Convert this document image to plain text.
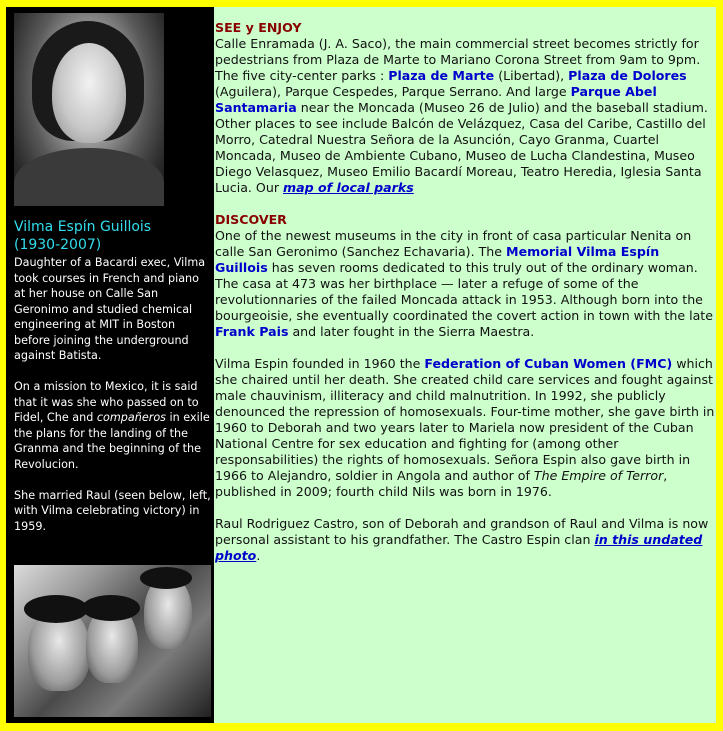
Vilma Espín Guillois
(1930-2007)

Daughter of a Bacardi exec, Vilma took courses in French and piano at her house on Calle San Geronimo and studied chemical engineering at MIT in Boston before joining the underground against Batista.

On a mission to Mexico, it is said that it was she who passed on to Fidel, Che and compañeros in exile the plans for the landing of the Granma and the beginning of the Revolucion.

She married Raul (seen below, left, with Vilma celebrating victory) in 1959.

SEE y ENJOY
Calle Enramada (J. A. Saco), the main commercial street becomes strictly for pedestrians from Plaza de Marte to Mariano Corona Street from 9am to 9pm. The five city-center parks : Plaza de Marte (Libertad), Plaza de Dolores (Aguilera), Parque Cespedes, Parque Serrano. And large Parque Abel Santamaria near the Moncada (Museo 26 de Julio) and the baseball stadium. Other places to see include Balcón de Velázquez, Casa del Caribe, Castillo del Morro, Catedral Nuestra Señora de la Asunción, Cayo Granma, Cuartel Moncada, Museo de Ambiente Cubano, Museo de Lucha Clandestina, Museo Diego Velasquez, Museo Emilio Bacardí Moreau, Teatro Heredia, Iglesia Santa Lucia. Our map of local parks

DISCOVER
One of the newest museums in the city in front of casa particular Nenita on calle San Geronimo (Sanchez Echavaria). The Memorial Vilma Espín Guillois has seven rooms dedicated to this truly out of the ordinary woman. The casa at 473 was her birthplace — later a refuge of some of the revolutionnaries of the failed Moncada attack in 1953. Although born into the bourgeoisie, she eventually coordinated the covert action in town with the late Frank Pais and later fought in the Sierra Maestra.

Vilma Espin founded in 1960 the Federation of Cuban Women (FMC) which she chaired until her death. She created child care services and fought against male chauvinism, illiteracy and child malnutrition. In 1992, she publicly denounced the repression of homosexuals. Four-time mother, she gave birth in 1960 to Deborah and two years later to Mariela now president of the Cuban National Centre for sex education and fighting for (among other responsabilities) the rights of homosexuals. Señora Espin also gave birth in 1966 to Alejandro, soldier in Angola and author of The Empire of Terror, published in 2009; fourth child Nils was born in 1976.

Raul Rodriguez Castro, son of Deborah and grandson of Raul and Vilma is now personal assistant to his grandfather. The Castro Espin clan in this undated photo.
